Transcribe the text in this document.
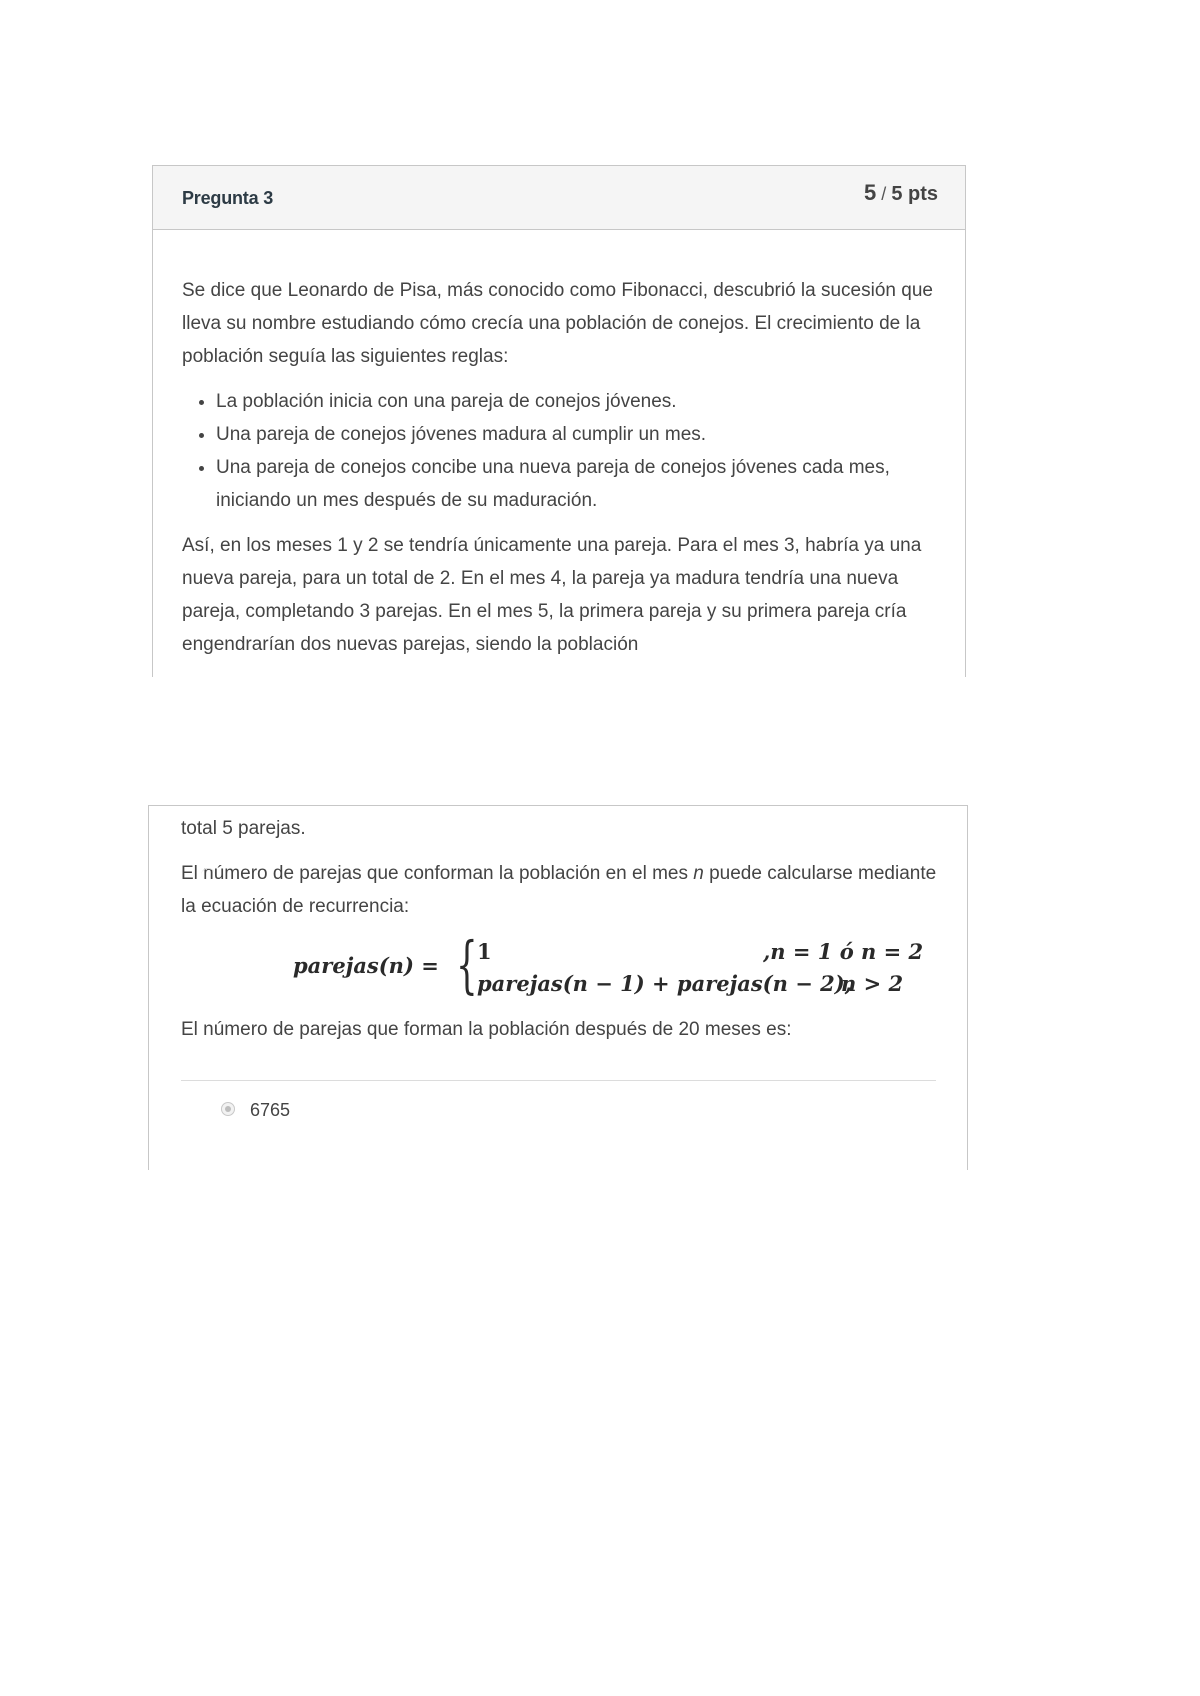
Pregunta 3	5 / 5 pts

Se dice que Leonardo de Pisa, más conocido como Fibonacci, descubrió la sucesión que lleva su nombre estudiando cómo crecía una población de conejos. El crecimiento de la población seguía las siguientes reglas:

• La población inicia con una pareja de conejos jóvenes.
• Una pareja de conejos jóvenes madura al cumplir un mes.
• Una pareja de conejos concibe una nueva pareja de conejos jóvenes cada mes, iniciando un mes después de su maduración.

Así, en los meses 1 y 2 se tendría únicamente una pareja. Para el mes 3, habría ya una nueva pareja, para un total de 2. En el mes 4, la pareja ya madura tendría una nueva pareja, completando 3 parejas. En el mes 5, la primera pareja y su primera pareja cría engendrarían dos nuevas parejas, siendo la población

total 5 parejas.

El número de parejas que conforman la población en el mes n puede calcularse mediante la ecuación de recurrencia:

parejas(n) = { 1	,n = 1 ó n = 2
parejas(n − 1) + parejas(n − 2),
n > 2

El número de parejas que forman la población después de 20 meses es:

6765
